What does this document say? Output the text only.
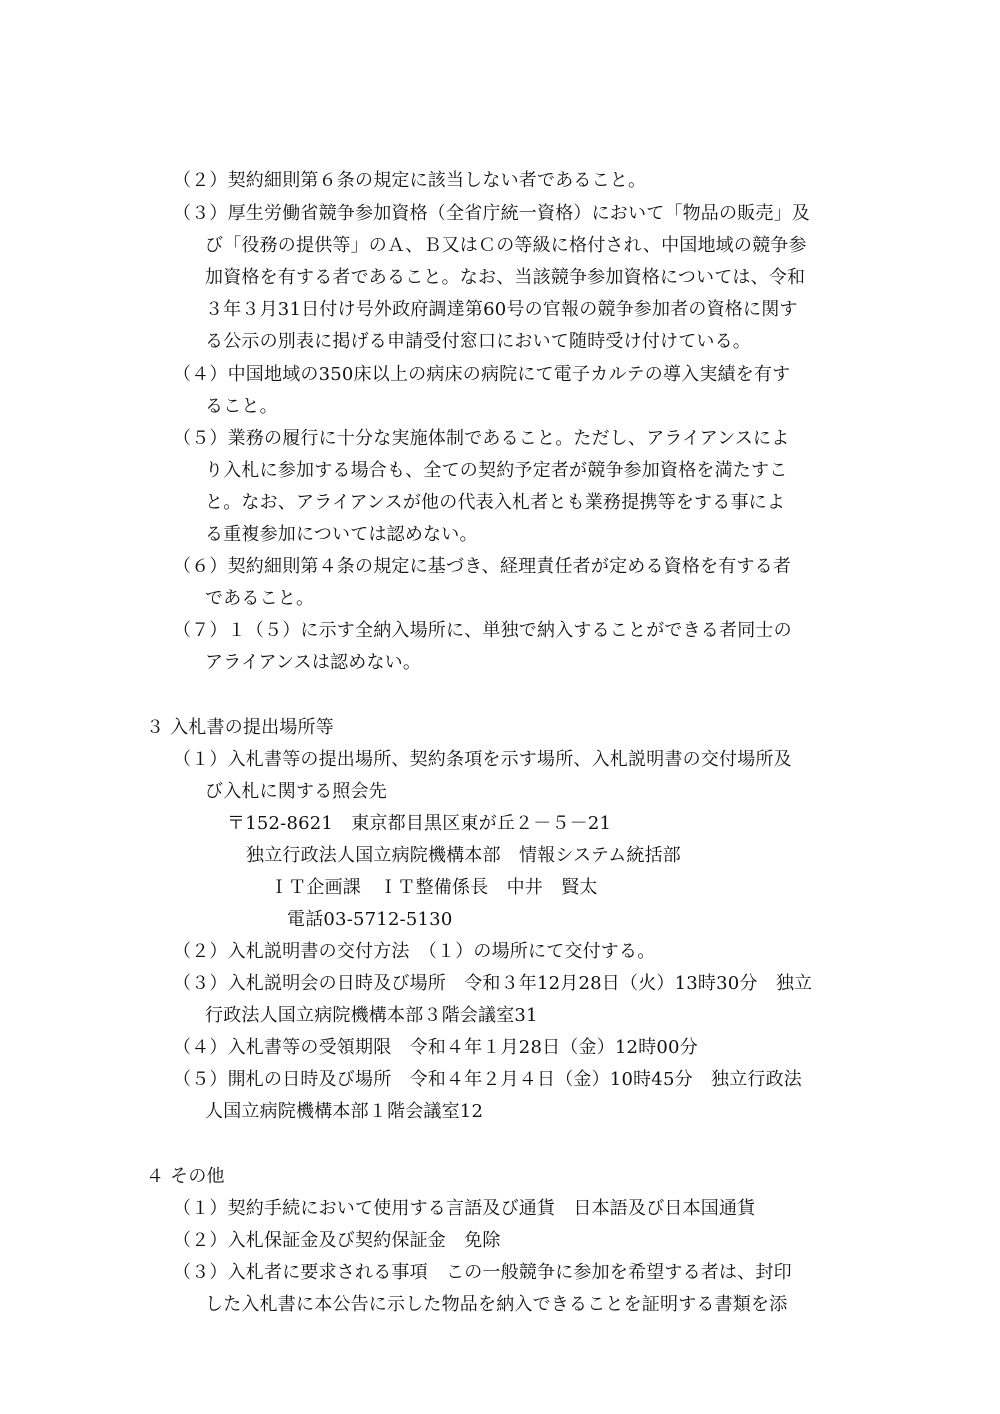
（２）契約細則第６条の規定に該当しない者であること。
（３）厚生労働省競争参加資格（全省庁統一資格）において「物品の販売」及
び「役務の提供等」のＡ、Ｂ又はＣの等級に格付され、中国地域の競争参
加資格を有する者であること。なお、当該競争参加資格については、令和
３年３月31日付け号外政府調達第60号の官報の競争参加者の資格に関す
る公示の別表に掲げる申請受付窓口において随時受け付けている。
（４）中国地域の350床以上の病床の病院にて電子カルテの導入実績を有す
ること。
（５）業務の履行に十分な実施体制であること。ただし、アライアンスによ
り入札に参加する場合も、全ての契約予定者が競争参加資格を満たすこ
と。なお、アライアンスが他の代表入札者とも業務提携等をする事によ
る重複参加については認めない。
（６）契約細則第４条の規定に基づき、経理責任者が定める資格を有する者
であること。
（７）１（５）に示す全納入場所に、単独で納入することができる者同士の
アライアンスは認めない。
３ 入札書の提出場所等
（１）入札書等の提出場所、契約条項を示す場所、入札説明書の交付場所及
び入札に関する照会先
〒152-8621　東京都目黒区東が丘２－５－21
独立行政法人国立病院機構本部　情報システム統括部
ＩＴ企画課　ＩＴ整備係長　中井　賢太
電話03-5712-5130
（２）入札説明書の交付方法　（１）の場所にて交付する。
（３）入札説明会の日時及び場所　令和３年12月28日（火）13時30分　独立
行政法人国立病院機構本部３階会議室31
（４）入札書等の受領期限　令和４年１月28日（金）12時00分
（５）開札の日時及び場所　令和４年２月４日（金）10時45分　独立行政法
人国立病院機構本部１階会議室12
４ その他
（１）契約手続において使用する言語及び通貨　日本語及び日本国通貨
（２）入札保証金及び契約保証金　免除
（３）入札者に要求される事項　この一般競争に参加を希望する者は、封印
した入札書に本公告に示した物品を納入できることを証明する書類を添
